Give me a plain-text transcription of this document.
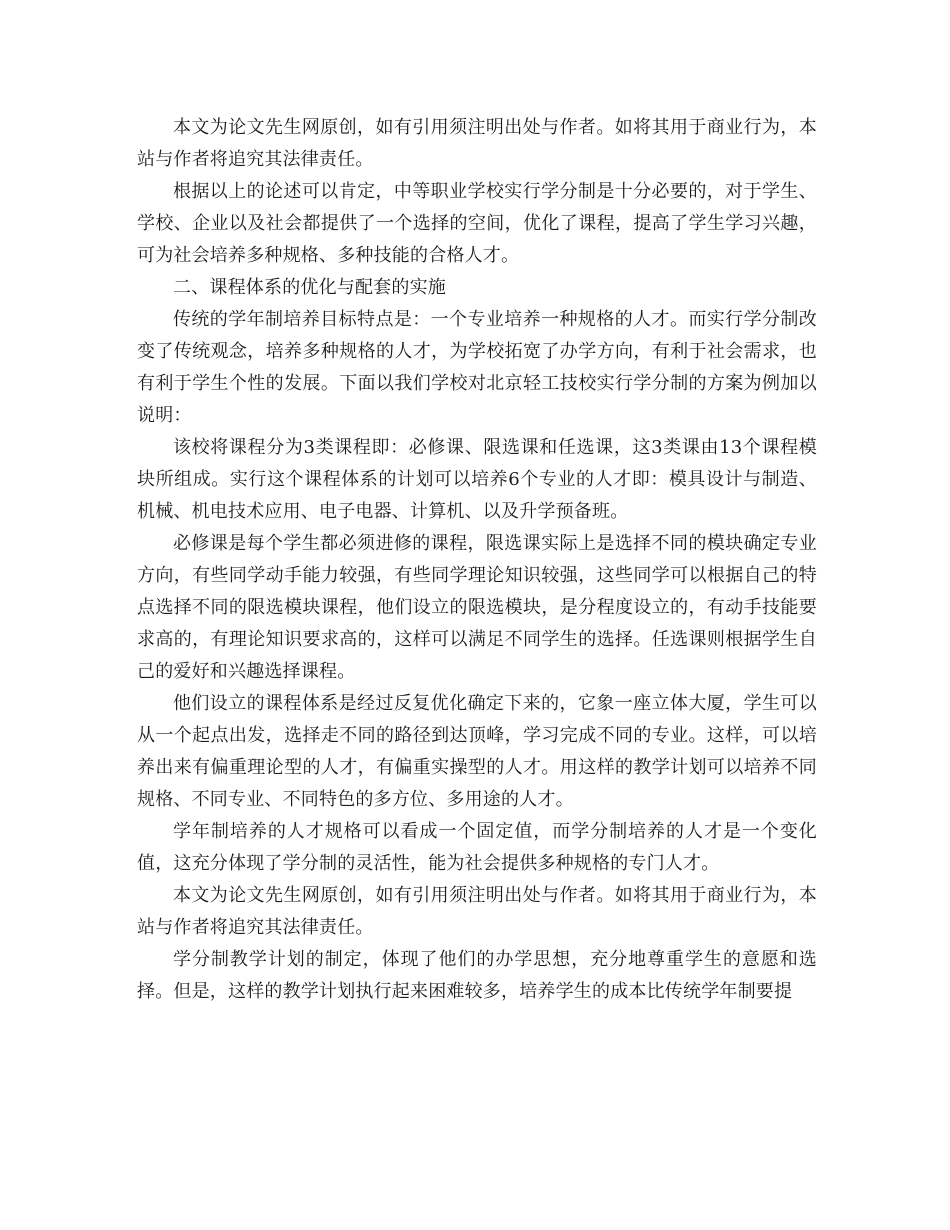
本文为论文先生网原创，如有引用须注明出处与作者。如将其用于商业行为，本站与作者将追究其法律责任。

根据以上的论述可以肯定，中等职业学校实行学分制是十分必要的，对于学生、学校、企业以及社会都提供了一个选择的空间，优化了课程，提高了学生学习兴趣，可为社会培养多种规格、多种技能的合格人才。

二、课程体系的优化与配套的实施

传统的学年制培养目标特点是：一个专业培养一种规格的人才。而实行学分制改变了传统观念，培养多种规格的人才，为学校拓宽了办学方向，有利于社会需求，也有利于学生个性的发展。下面以我们学校对北京轻工技校实行学分制的方案为例加以说明：

该校将课程分为3类课程即：必修课、限选课和任选课，这3类课由13个课程模块所组成。实行这个课程体系的计划可以培养6个专业的人才即：模具设计与制造、机械、机电技术应用、电子电器、计算机、以及升学预备班。

必修课是每个学生都必须进修的课程，限选课实际上是选择不同的模块确定专业方向，有些同学动手能力较强，有些同学理论知识较强，这些同学可以根据自己的特点选择不同的限选模块课程，他们设立的限选模块，是分程度设立的，有动手技能要求高的，有理论知识要求高的，这样可以满足不同学生的选择。任选课则根据学生自己的爱好和兴趣选择课程。

他们设立的课程体系是经过反复优化确定下来的，它象一座立体大厦，学生可以从一个起点出发，选择走不同的路径到达顶峰，学习完成不同的专业。这样，可以培养出来有偏重理论型的人才，有偏重实操型的人才。用这样的教学计划可以培养不同规格、不同专业、不同特色的多方位、多用途的人才。

学年制培养的人才规格可以看成一个固定值，而学分制培养的人才是一个变化值，这充分体现了学分制的灵活性，能为社会提供多种规格的专门人才。

本文为论文先生网原创，如有引用须注明出处与作者。如将其用于商业行为，本站与作者将追究其法律责任。

学分制教学计划的制定，体现了他们的办学思想，充分地尊重学生的意愿和选择。但是，这样的教学计划执行起来困难较多，培养学生的成本比传统学年制要提
